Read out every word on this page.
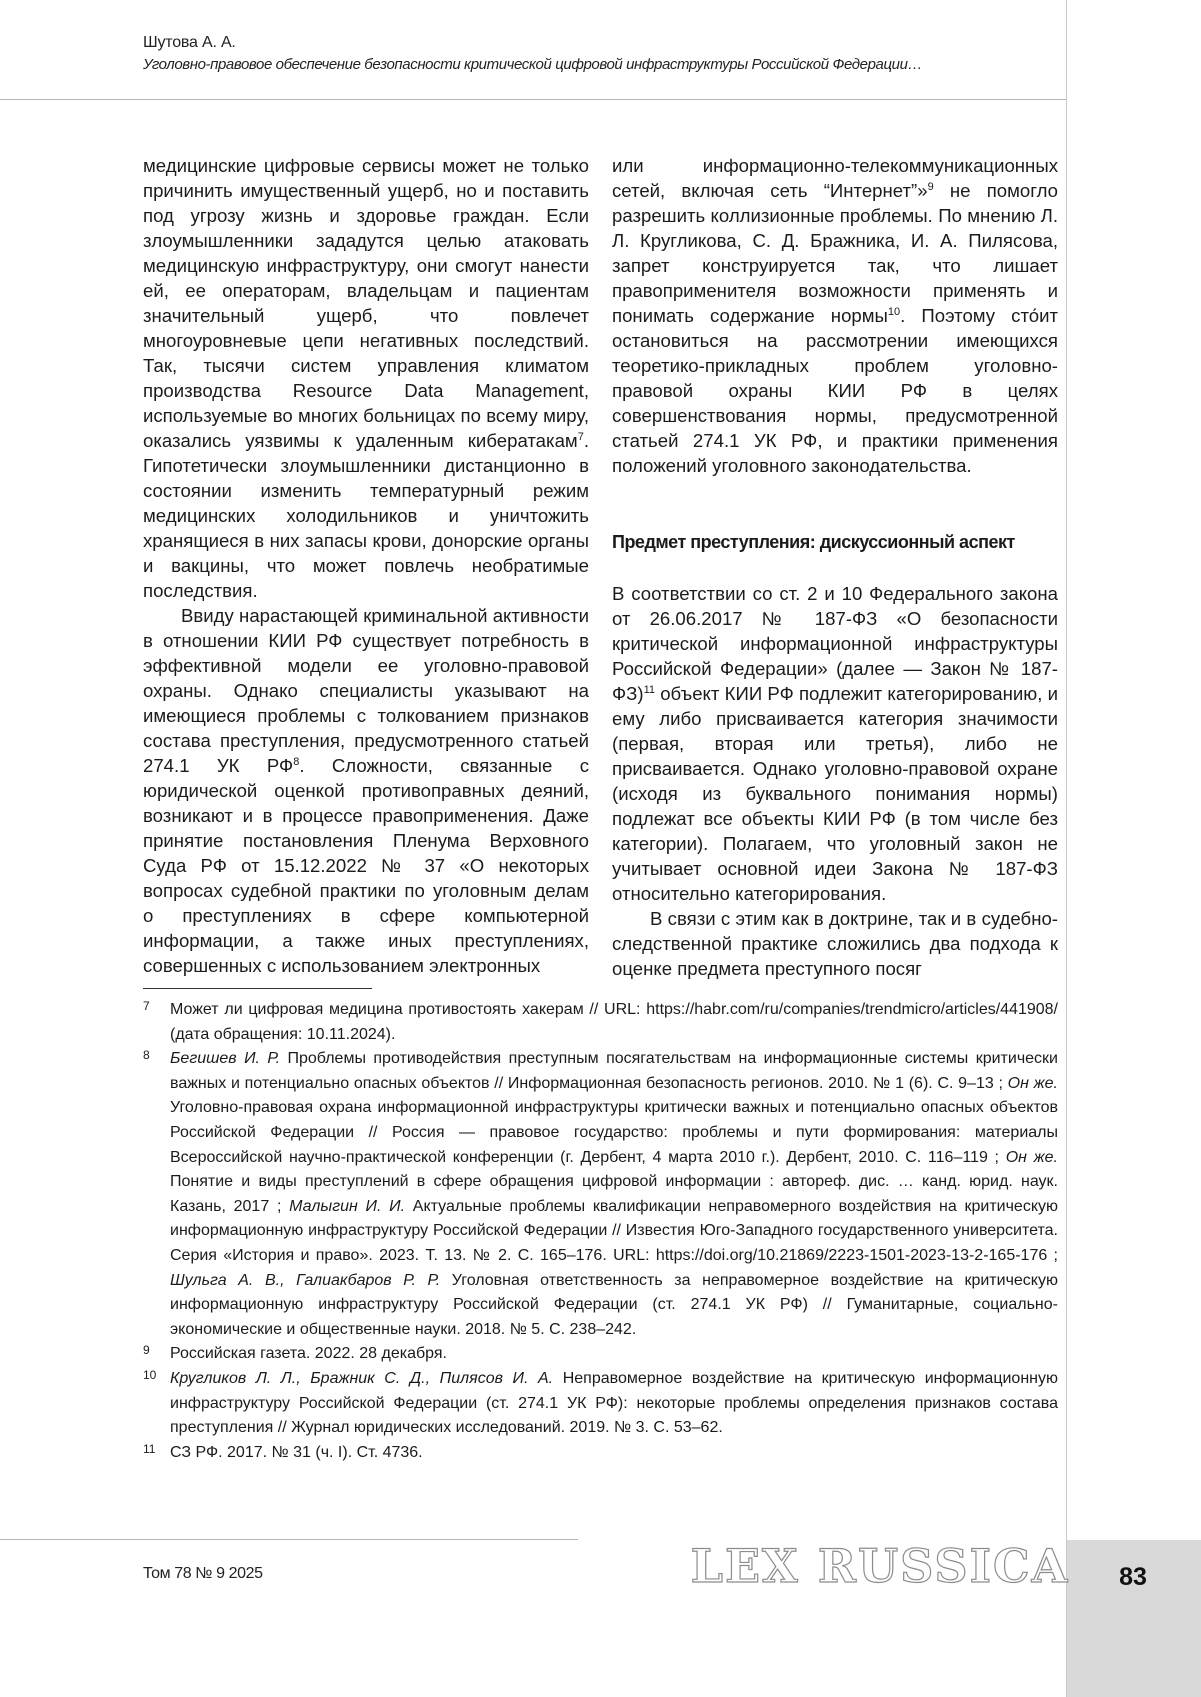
83
Шутова А. А.
Уголовно-правовое обеспечение безопасности критической цифровой инфраструктуры Российской Федерации…

медицинские цифровые сервисы может не только причинить имущественный ущерб, но и поставить под угрозу жизнь и здоровье граждан. Если злоумышленники зададутся целью атаковать медицинскую инфраструктуру, они смогут нанести ей, ее операторам, владельцам и пациентам значительный ущерб, что повлечет многоуровневые цепи негативных последствий. Так, тысячи систем управления климатом производства Resource Data Management, используемые во многих больницах по всему миру, оказались уязвимы к удаленным кибератакам$^7$. Гипотетически злоумышленники дистанционно в состоянии изменить температурный режим медицинских холодильников и уничтожить хранящиеся в них запасы крови, донорские органы и вакцины, что может повлечь необратимые последствия.

Ввиду нарастающей криминальной активности в отношении КИИ РФ существует потребность в эффективной модели ее уголовно-правовой охраны. Однако специалисты указывают на имеющиеся проблемы с толкованием признаков состава преступления, предусмотренного статьей 274.1 УК $РФ^8$. Сложности, связанные с юридической оценкой противоправных деяний, возникают и в процессе правоприменения. Даже принятие постановления Пленума Верховного Суда РФ от 15.12.2022 № 37 «О некоторых вопросах судебной практики по уголовным делам о преступлениях в сфере компьютерной информации, а также иных преступлениях, совершенных с использованием электронных

или информационно-телекоммуникационных сетей, включая сеть “Интернет”»$^9$ не помогло разрешить коллизионные проблемы. По мнению Л. Л. Кругликова, С. Д. Бражника, И. А. Пилясова, запрет конструируется так, что лишает правоприменителя возможности применять и понимать содержание нормы$^{10}$. Поэтому сто́ит остановиться на рассмотрении имеющихся теоретико-прикладных проблем уголовно-правовой охраны КИИ РФ в целях совершенствования нормы, предусмотренной статьей 274.1 УК РФ, и практики применения положений уголовного законодательства.

Предмет преступления: дискуссионный аспект

В соответствии со ст. 2 и 10 Федерального закона от 26.06.2017 № 187-ФЗ «О безопасности критической информационной инфраструктуры Российской Федерации» (далее — Закон № 187-ФЗ)$^{11}$ объект КИИ РФ подлежит категорированию, и ему либо присваивается категория значимости (первая, вторая или третья), либо не присваивается. Однако уголовно-правовой охране (исходя из буквального понимания нормы) подлежат все объекты КИИ РФ (в том числе без категории). Полагаем, что уголовный закон не учитывает основной идеи Закона № 187-ФЗ относительно категорирования.

В связи с этим как в доктрине, так и в судебно-следственной практике сложились два подхода к оценке предмета преступного посяг

7 Может ли цифровая медицина противостоять хакерам // URL: https://habr.com/ru/companies/trendmicro/articles/441908/ (дата обращения: 10.11.2024).
8 Бегишев И. Р. Проблемы противодействия преступным посягательствам на информационные системы критически важных и потенциально опасных объектов // Информационная безопасность регионов. 2010. № 1 (6). С. 9–13 ; Он же. Уголовно-правовая охрана информационной инфраструктуры критически важных и потенциально опасных объектов Российской Федерации // Россия — правовое государство: проблемы и пути формирования: материалы Всероссийской научно-практической конференции (г. Дербент, 4 марта 2010 г.). Дербент, 2010. С. 116–119 ; Он же. Понятие и виды преступлений в сфере обращения цифровой информации : автореф. дис. … канд. юрид. наук. Казань, 2017 ; Малыгин И. И. Актуальные проблемы квалификации неправомерного воздействия на критическую информационную инфраструктуру Российской Федерации // Известия Юго-Западного государственного университета. Серия «История и право». 2023. Т. 13. № 2. С. 165–176. URL: https://doi.org/10.21869/2223-1501-2023-13-2-165-176 ; Шульга А. В., Галиакбаров Р. Р. Уголовная ответственность за неправомерное воздействие на критическую информационную инфраструктуру Российской Федерации (ст. 274.1 УК РФ) // Гуманитарные, социально-экономические и общественные науки. 2018. № 5. С. 238–242.
9 Российская газета. 2022. 28 декабря.
10 Кругликов Л. Л., Бражник С. Д., Пилясов И. А. Неправомерное воздействие на критическую информационную инфраструктуру Российской Федерации (ст. 274.1 УК РФ): некоторые проблемы определения признаков состава преступления // Журнал юридических исследований. 2019. № 3. С. 53–62.
11 СЗ РФ. 2017. № 31 (ч. I). Ст. 4736.
Том 78 № 9 2025	LEX RUSSICA
